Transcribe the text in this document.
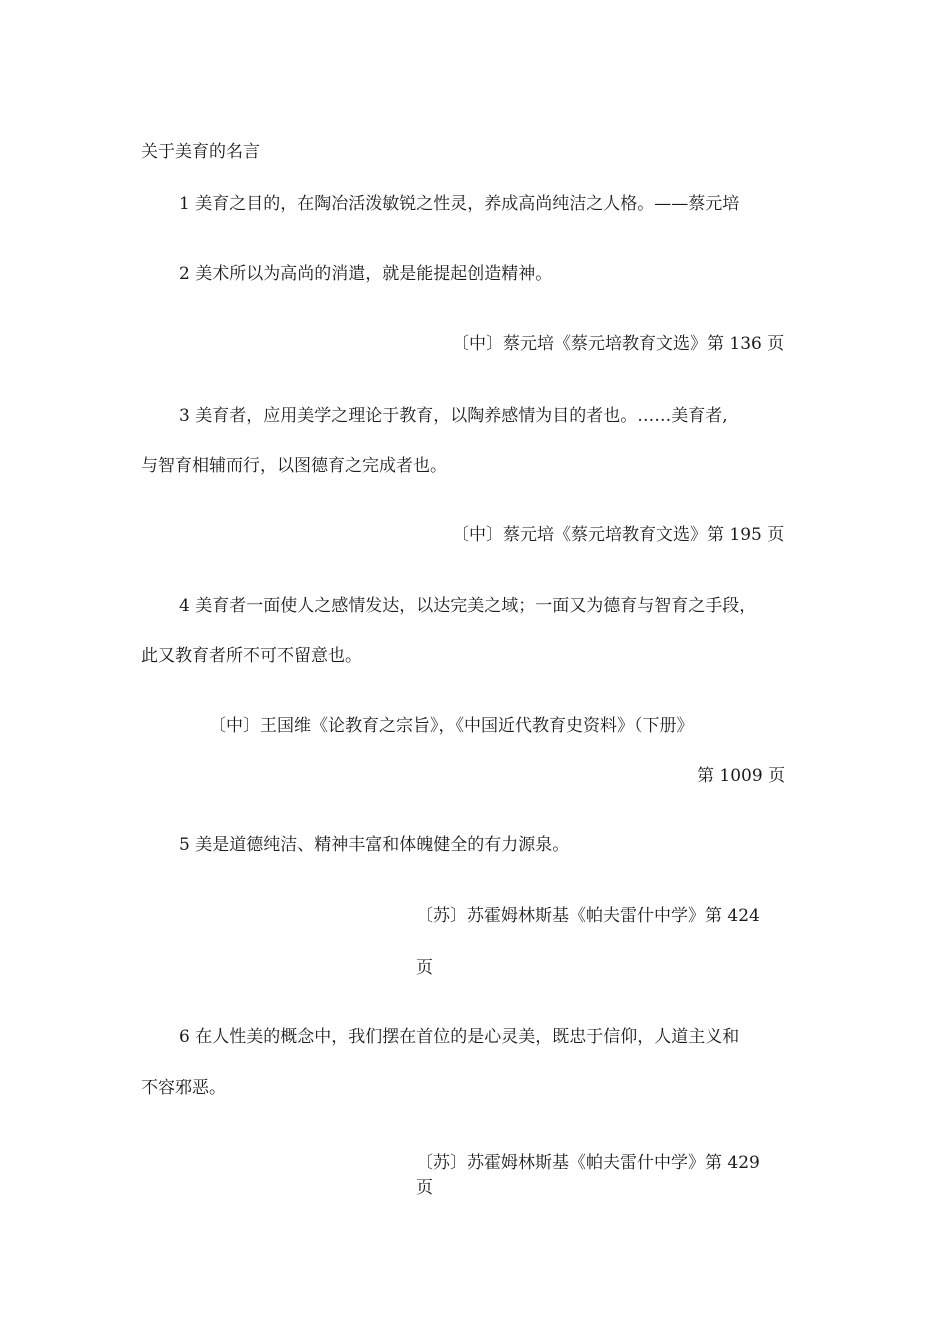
关于美育的名言
1 美育之目的，在陶冶活泼敏锐之性灵，养成高尚纯洁之人格。——蔡元培
2 美术所以为高尚的消遣，就是能提起创造精神。
〔中〕蔡元培《蔡元培教育文选》第 136 页
3 美育者，应用美学之理论于教育，以陶养感情为目的者也。……美育者,
与智育相辅而行，以图德育之完成者也。
〔中〕蔡元培《蔡元培教育文选》第 195 页
4 美育者一面使人之感情发达，以达完美之域；一面又为德育与智育之手段，
此又教育者所不可不留意也。
〔中〕王国维《论教育之宗旨》，《中国近代教育史资料》（下册》
第 1009 页
5 美是道德纯洁、精神丰富和体魄健全的有力源泉。
〔苏〕苏霍姆林斯基《帕夫雷什中学》第 424
页
6 在人性美的概念中，我们摆在首位的是心灵美，既忠于信仰，人道主义和
不容邪恶。
〔苏〕苏霍姆林斯基《帕夫雷什中学》第 429
页
